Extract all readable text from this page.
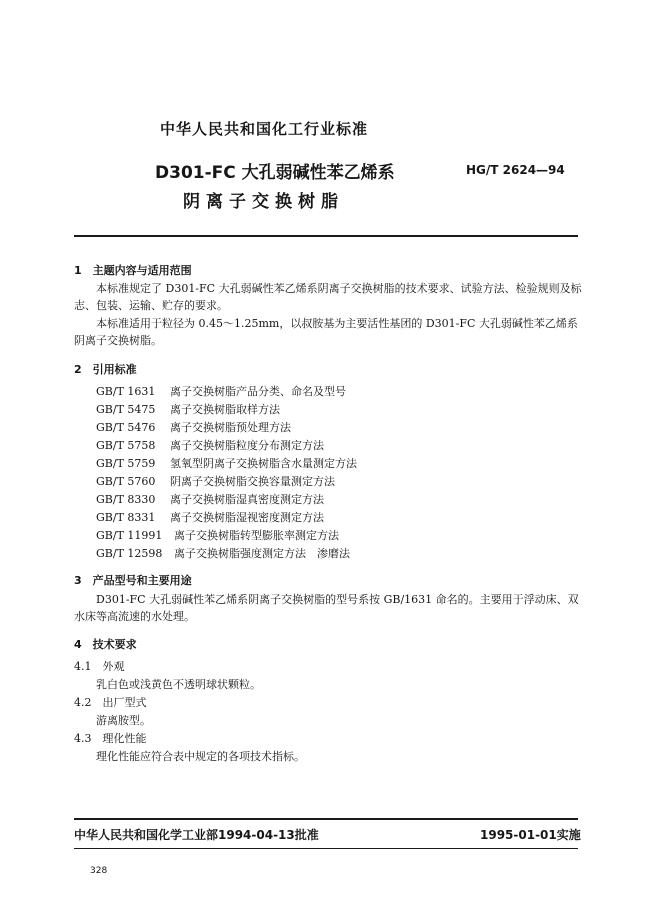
中华人民共和国化工行业标准
D301-FC 大孔弱碱性苯乙烯系
阴离子交换树脂
HG/T 2624—94
1　主题内容与适用范围
本标准规定了 D301-FC 大孔弱碱性苯乙烯系阴离子交换树脂的技术要求、试验方法、检验规则及标志、包装、运输、贮存的要求。
本标准适用于粒径为 0.45～1.25mm，以叔胺基为主要活性基团的 D301-FC 大孔弱碱性苯乙烯系阴离子交换树脂。
2　引用标准
GB/T 1631 离子交换树脂产品分类、命名及型号
GB/T 5475 离子交换树脂取样方法
GB/T 5476 离子交换树脂预处理方法
GB/T 5758 离子交换树脂粒度分布测定方法
GB/T 5759 氢氧型阴离子交换树脂含水量测定方法
GB/T 5760 阴离子交换树脂交换容量测定方法
GB/T 8330 离子交换树脂湿真密度测定方法
GB/T 8331 离子交换树脂湿视密度测定方法
GB/T 11991 离子交换树脂转型膨胀率测定方法
GB/T 12598 离子交换树脂强度测定方法　渗磨法
3　产品型号和主要用途
D301-FC 大孔弱碱性苯乙烯系阴离子交换树脂的型号系按 GB/1631 命名的。主要用于浮动床、双水床等高流速的水处理。
4　技术要求
4.1　 外观
乳白色或浅黄色不透明球状颗粒。
4.2　 出厂型式
游离胺型。
4.3　 理化性能
理化性能应符合表中规定的各项技术指标。
中华人民共和国化学工业部1994-04-13批准	1995-01-01实施
328
